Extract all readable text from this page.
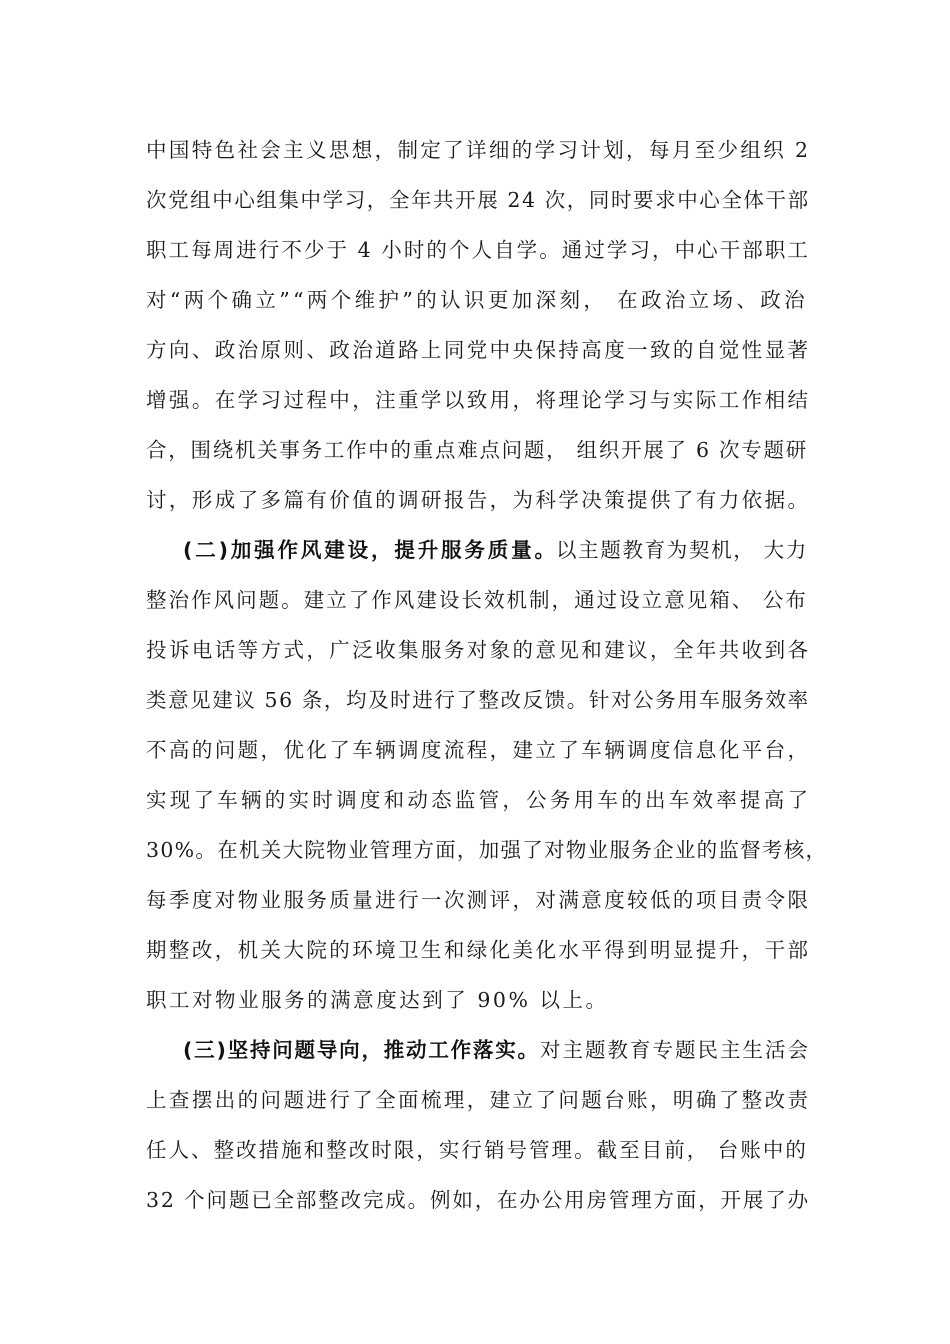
中国特色社会主义思想，制定了详细的学习计划，每月至少组织 2

次党组中心组集中学习，全年共开展 24 次，同时要求中心全体干部

职工每周进行不少于 4 小时的个人自学。通过学习，中心干部职工

对“两个确立”“两个维护”的认识更加深刻， 在政治立场、政治

方向、政治原则、政治道路上同党中央保持高度一致的自觉性显著

增强。在学习过程中，注重学以致用，将理论学习与实际工作相结

合，围绕机关事务工作中的重点难点问题， 组织开展了 6 次专题研

讨，形成了多篇有价值的调研报告，为科学决策提供了有力依据。

(二)加强作风建设，提升服务质量。
以主题教育为契机， 大力

整治作风问题。建立了作风建设长效机制，通过设立意见箱、 公布

投诉电话等方式，广泛收集服务对象的意见和建议，全年共收到各

类意见建议 56 条，均及时进行了整改反馈。针对公务用车服务效率

不高的问题，优化了车辆调度流程，建立了车辆调度信息化平台，

实现了车辆的实时调度和动态监管，公务用车的出车效率提高了

30%。在机关大院物业管理方面，加强了对物业服务企业的监督考核，

每季度对物业服务质量进行一次测评，对满意度较低的项目责令限

期整改，机关大院的环境卫生和绿化美化水平得到明显提升，干部

职工对物业服务的满意度达到了 90% 以上。

(三)坚持问题导向，推动工作落实。 对主题教育专题民主生活会

上查摆出的问题进行了全面梳理，建立了问题台账，明确了整改责

任人、整改措施和整改时限，实行销号管理。截至目前， 台账中的

32 个问题已全部整改完成。例如，在办公用房管理方面，开展了办
